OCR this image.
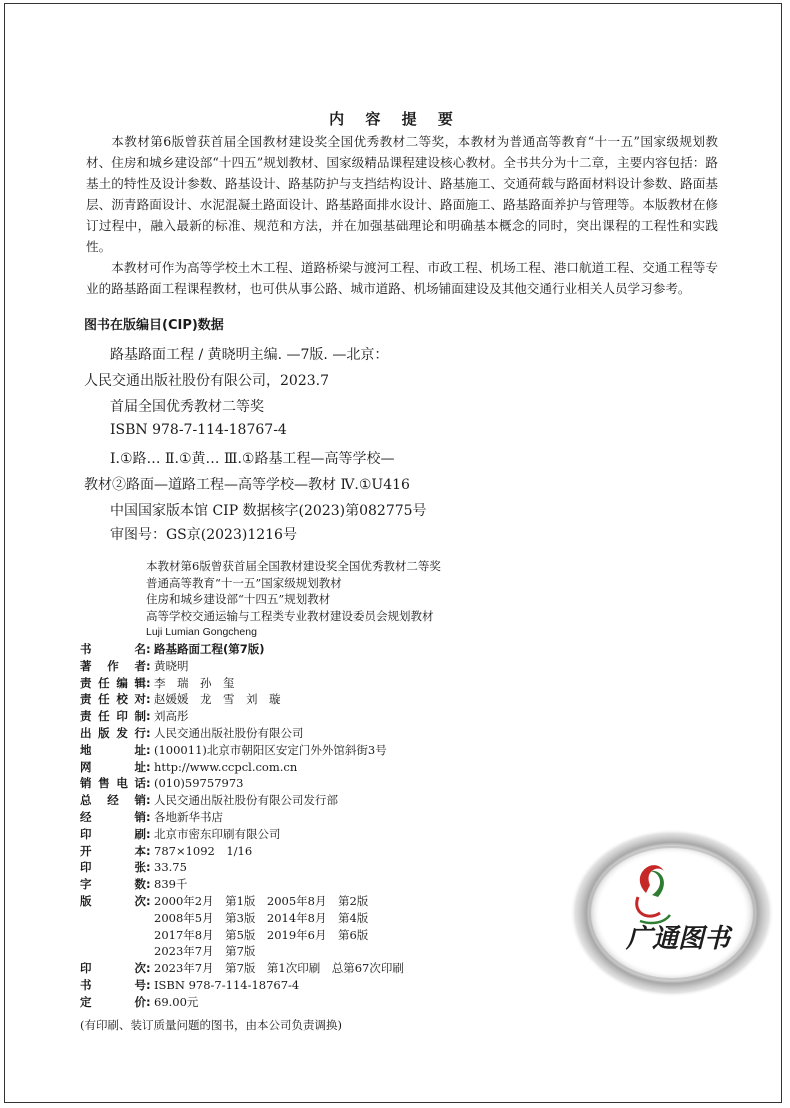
内 容 提 要

本教材第6版曾获首届全国教材建设奖全国优秀教材二等奖，本教材为普通高等教育“十一五”国家级规划教材、住房和城乡建设部“十四五”规划教材、国家级精品课程建设核心教材。全书共分为十二章，主要内容包括：路基土的特性及设计参数、路基设计、路基防护与支挡结构设计、路基施工、交通荷载与路面材料设计参数、路面基层、沥青路面设计、水泥混凝土路面设计、路基路面排水设计、路面施工、路基路面养护与管理等。本版教材在修订过程中，融入最新的标准、规范和方法，并在加强基础理论和明确基本概念的同时，突出课程的工程性和实践性。

本教材可作为高等学校土木工程、道路桥梁与渡河工程、市政工程、机场工程、港口航道工程、交通工程等专业的路基路面工程课程教材，也可供从事公路、城市道路、机场铺面建设及其他交通行业相关人员学习参考。

图书在版编目(CIP)数据
路基路面工程 / 黄晓明主编. —7版. —北京：
人民交通出版社股份有限公司，2023.7
首届全国优秀教材二等奖
ISBN 978-7-114-18767-4
Ⅰ.①路… Ⅱ.①黄… Ⅲ.①路基工程—高等学校—
教材②路面—道路工程—高等学校—教材 Ⅳ.①U416
中国国家版本馆 CIP 数据核字(2023)第082775号
审图号：GS京(2023)1216号
本教材第6版曾获首届全国教材建设奖全国优秀教材二等奖
普通高等教育“十一五”国家级规划教材
住房和城乡建设部“十四五”规划教材
高等学校交通运输与工程类专业教材建设委员会规划教材
Luji Lumian Gongcheng
书名 : 路基路面工程(第7版)
著作者 : 黄晓明
责任编辑 : 李　瑞　孙　玺
责任校对 : 赵媛媛　龙　雪　刘　璇
责任印制 : 刘高彤
出版发行 : 人民交通出版社股份有限公司
地址 : (100011)北京市朝阳区安定门外外馆斜街3号
网址 : http://www.ccpcl.com.cn
销售电话 : (010)59757973
总经销 : 人民交通出版社股份有限公司发行部
经销 : 各地新华书店
印刷 : 北京市密东印刷有限公司
开本 : 787×1092　1/16
印张 : 33.75
字数 : 839千
版次 : 2000年2月　第1版　2005年8月　第2版
2008年5月　第3版　2014年8月　第4版
2017年8月　第5版　2019年6月　第6版
2023年7月　第7版
印次 : 2023年7月　第7版　第1次印刷　总第67次印刷
书号 : ISBN 978-7-114-18767-4
定价 : 69.00元
(有印刷、装订质量问题的图书，由本公司负责调换)
广通图书
